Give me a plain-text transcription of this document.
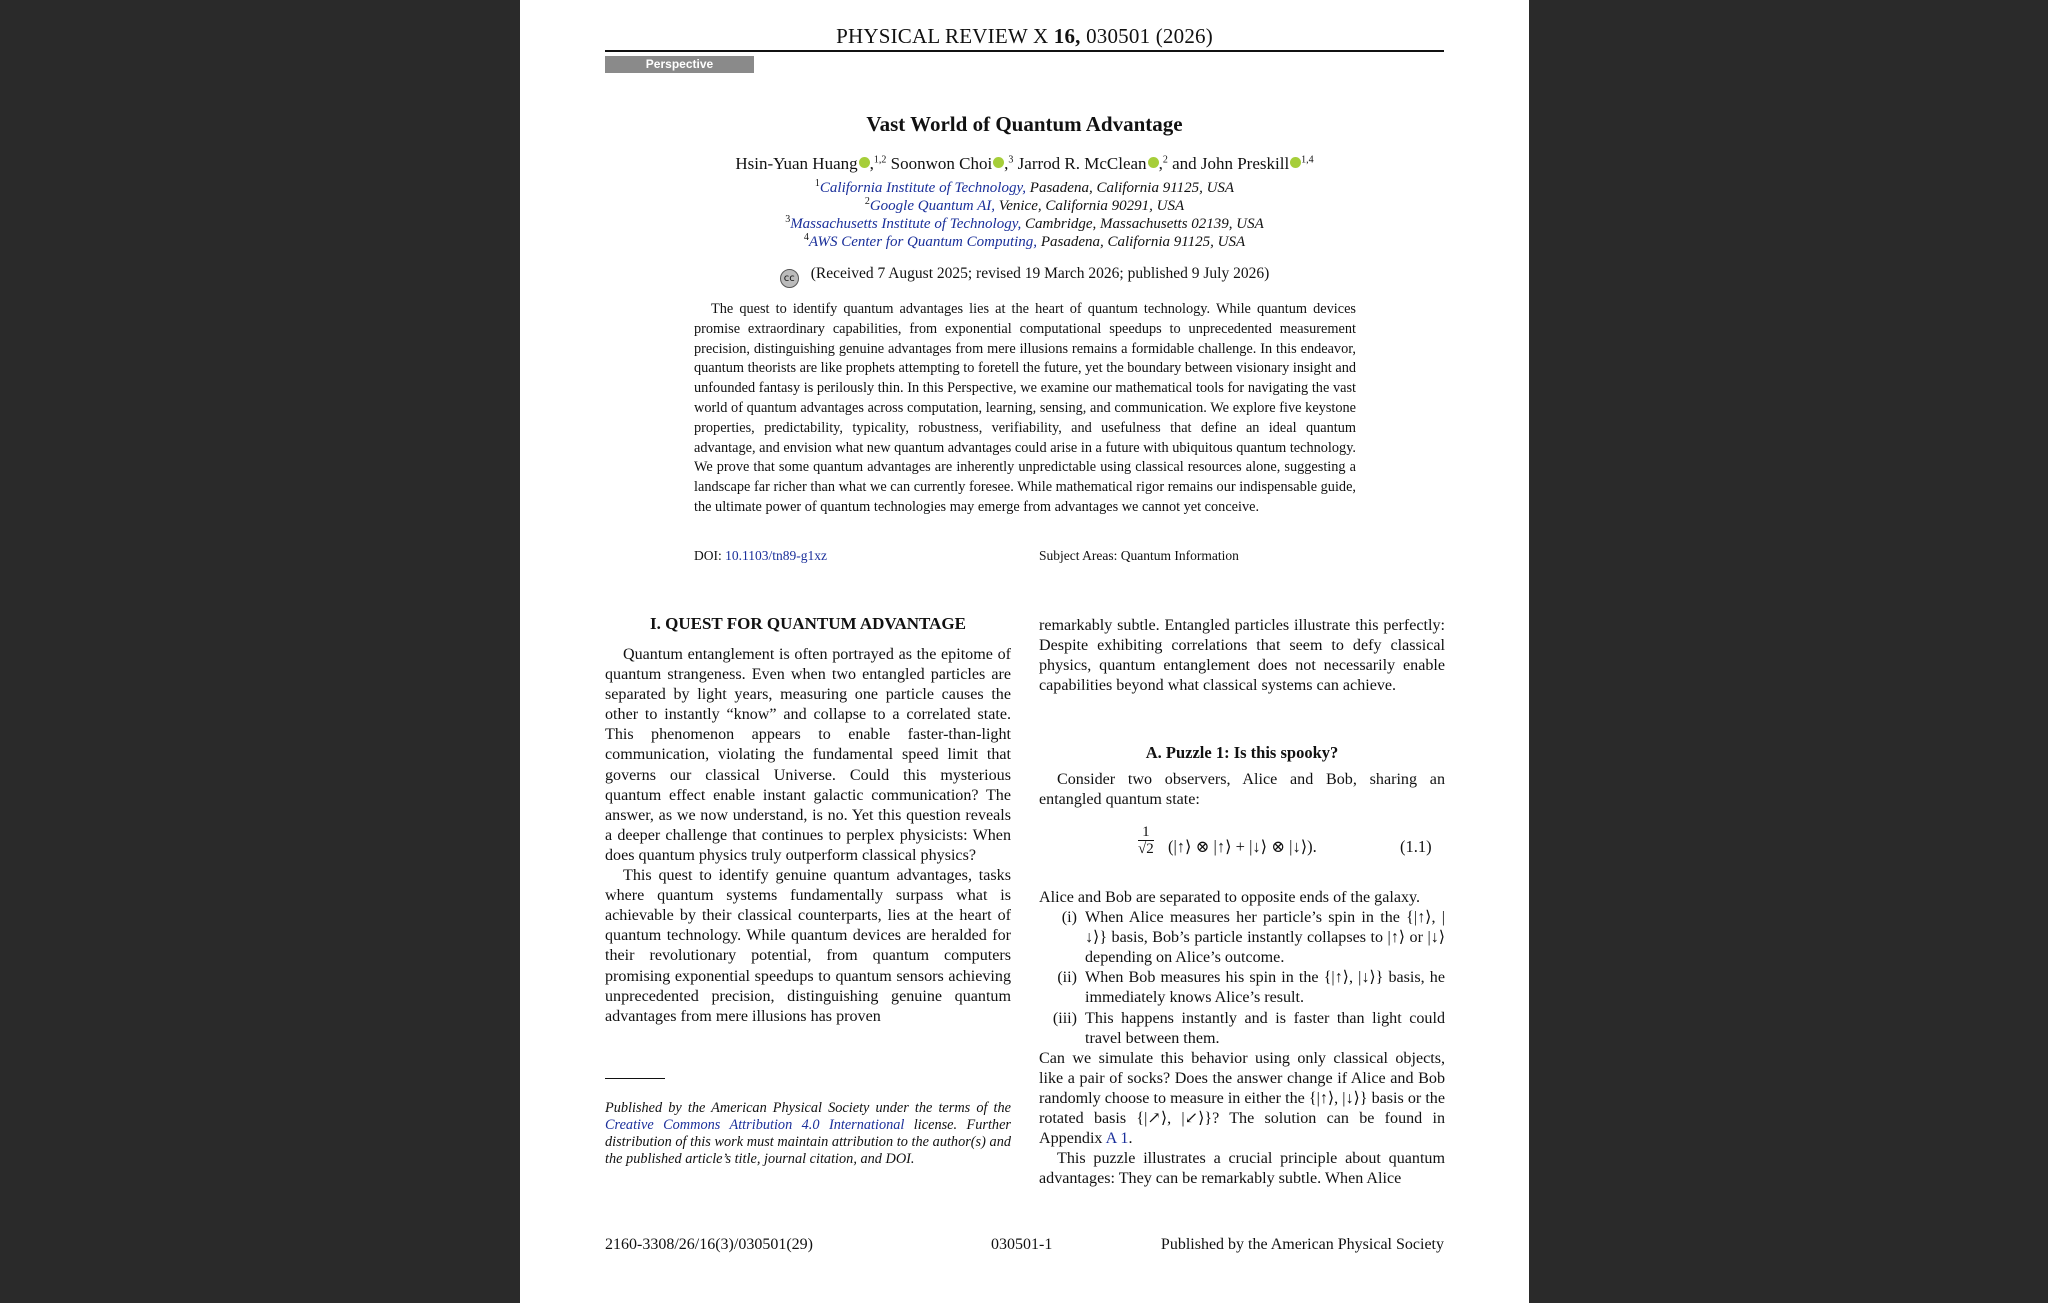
PHYSICAL REVIEW X 16, 030501 (2026)
Perspective
Vast World of Quantum Advantage
Hsin-Yuan Huang ,$^{1,2}$ Soonwon Choi ,$^3$ Jarrod R. McClean ,$^2$ and John Preskill $^{1,4}$
$^1$California Institute of Technology, Pasadena, California 91125, USA
$^2$Google Quantum AI, Venice, California 90291, USA
$^3$Massachusetts Institute of Technology, Cambridge, Massachusetts 02139, USA
$^4$AWS Center for Quantum Computing, Pasadena, California 91125, USA
cc (Received 7 August 2025; revised 19 March 2026; published 9 July 2026)
The quest to identify quantum advantages lies at the heart of quantum technology. While quantum devices promise extraordinary capabilities, from exponential computational speedups to unprecedented measurement precision, distinguishing genuine advantages from mere illusions remains a formidable challenge. In this endeavor, quantum theorists are like prophets attempting to foretell the future, yet the boundary between visionary insight and unfounded fantasy is perilously thin. In this Perspective, we examine our mathematical tools for navigating the vast world of quantum advantages across computation, learning, sensing, and communication. We explore five keystone properties, predictability, typicality, robustness, verifiability, and usefulness that define an ideal quantum advantage, and envision what new quantum advantages could arise in a future with ubiquitous quantum technology. We prove that some quantum advantages are inherently unpredictable using classical resources alone, suggesting a landscape far richer than what we can currently foresee. While mathematical rigor remains our indispensable guide, the ultimate power of quantum technologies may emerge from advantages we cannot yet conceive.
DOI: 10.1103/tn89-g1xz	Subject Areas: Quantum Information
I. QUEST FOR QUANTUM ADVANTAGE

Quantum entanglement is often portrayed as the epitome of quantum strangeness. Even when two entangled particles are separated by light years, measuring one particle causes the other to instantly “know” and collapse to a correlated state. This phenomenon appears to enable faster-than-light communication, violating the fundamental speed limit that governs our classical Universe. Could this mysterious quantum effect enable instant galactic communication? The answer, as we now understand, is no. Yet this question reveals a deeper challenge that continues to perplex physicists: When does quantum physics truly outperform classical physics?

This quest to identify genuine quantum advantages, tasks where quantum systems fundamentally surpass what is achievable by their classical counterparts, lies at the heart of quantum technology. While quantum devices are heralded for their revolutionary potential, from quantum computers promising exponential speedups to quantum sensors achieving unprecedented precision, distinguishing genuine quantum advantages from mere illusions has proven

Published by the American Physical Society under the terms of the Creative Commons Attribution 4.0 International license. Further distribution of this work must maintain attribution to the author(s) and the published article’s title, journal citation, and DOI.

remarkably subtle. Entangled particles illustrate this perfectly: Despite exhibiting correlations that seem to defy classical physics, quantum entanglement does not necessarily enable capabilities beyond what classical systems can achieve.

A. Puzzle 1: Is this spooky?

Consider two observers, Alice and Bob, sharing an entangled quantum state:

$\frac{1}{√2}$ (|↑⟩ ⊗ |↑⟩ + |↓⟩ ⊗ |↓⟩).	(1.1)

Alice and Bob are separated to opposite ends of the galaxy.

(i) When Alice measures her particle’s spin in the {|↑⟩, |↓⟩} basis, Bob’s particle instantly collapses to |↑⟩ or |↓⟩ depending on Alice’s outcome.
(ii) When Bob measures his spin in the {|↑⟩, |↓⟩} basis, he immediately knows Alice’s result.
(iii) This happens instantly and is faster than light could travel between them.

Can we simulate this behavior using only classical objects, like a pair of socks? Does the answer change if Alice and Bob randomly choose to measure in either the {|↑⟩, |↓⟩} basis or the rotated basis {|↗⟩, |↙⟩}? The solution can be found in Appendix A 1.

This puzzle illustrates a crucial principle about quantum advantages: They can be remarkably subtle. When Alice

2160-3308/26/16(3)/030501(29)	030501-1	Published by the American Physical Society
